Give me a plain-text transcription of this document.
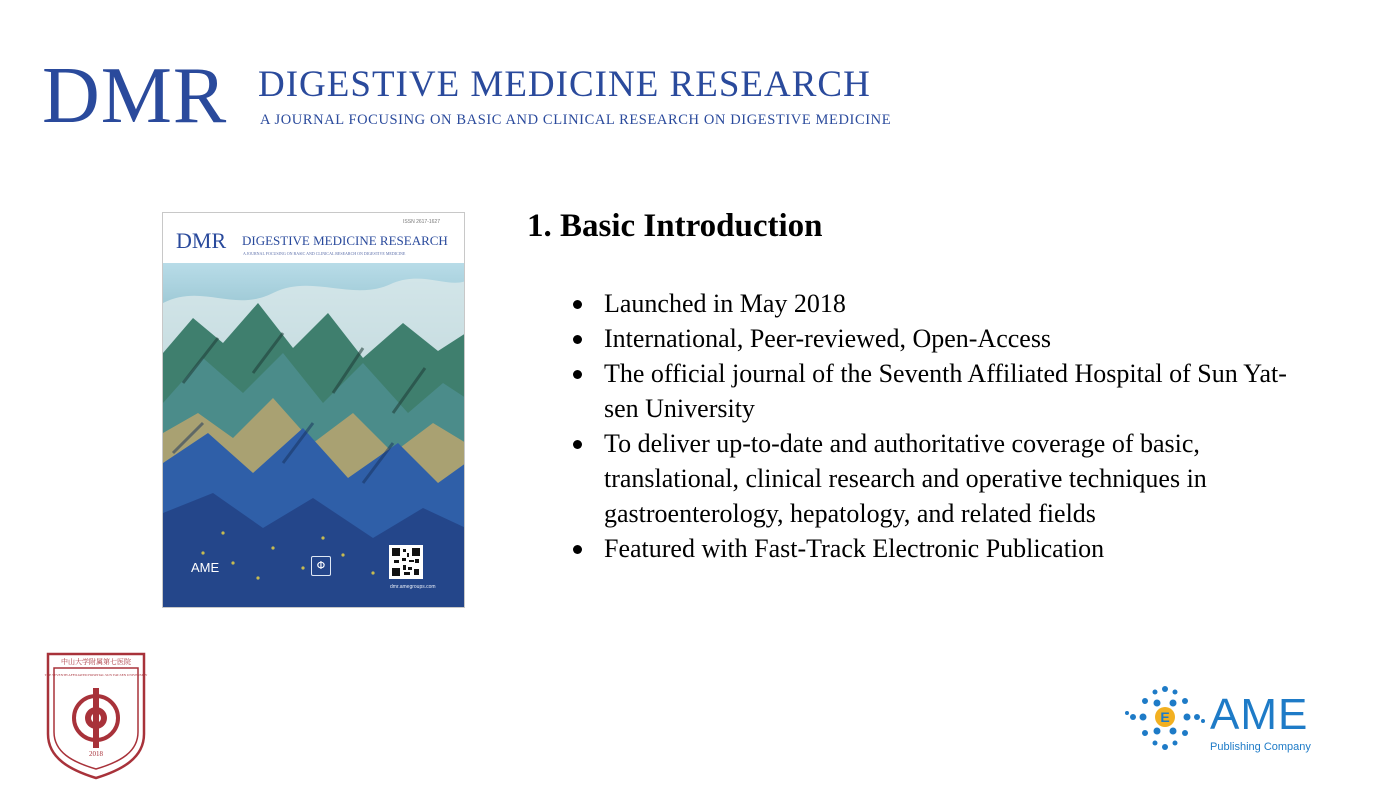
DMR DIGESTIVE MEDICINE RESEARCH
A JOURNAL FOCUSING ON BASIC AND CLINICAL RESEARCH ON DIGESTIVE MEDICINE
ISSN 2617-1627
DMR DIGESTIVE MEDICINE RESEARCH
A JOURNAL FOCUSING ON BASIC AND CLINICAL RESEARCH ON DIGESTIVE MEDICINE
AME	Φ
dmr.amegroups.com
1. Basic Introduction
Launched in May 2018
International, Peer-reviewed, Open-Access
The official journal of the Seventh Affiliated Hospital of Sun Yat-sen University
To deliver up-to-date and authoritative coverage of basic, translational, clinical research and operative techniques in gastroenterology, hepatology, and related fields
Featured with Fast-Track Electronic Publication
中山大学附属第七医院
2018
THE SEVENTH AFFILIATED HOSPITAL SUN YAT-SEN UNIVERSITY
E AME
Publishing Company
